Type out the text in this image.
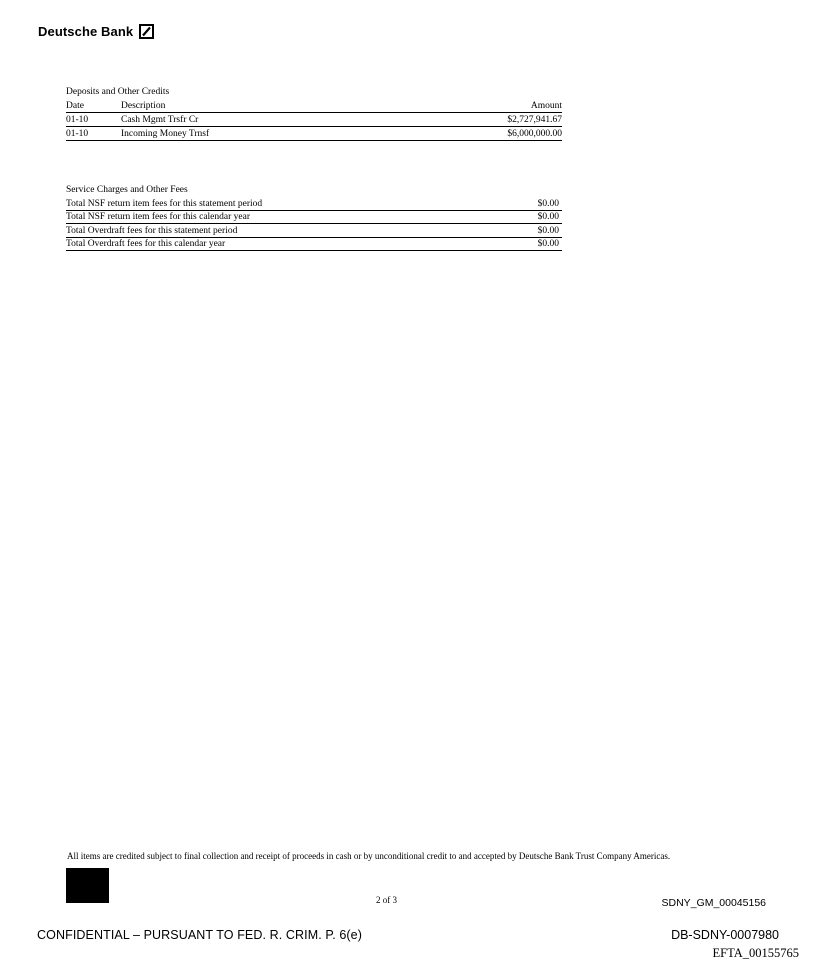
Deutsche Bank
Deposits and Other Credits
Date	Description	Amount
01-10	Cash Mgmt Trsfr Cr	$2,727,941.67
01-10	Incoming Money Trnsf	$6,000,000.00
Service Charges and Other Fees
Total NSF return item fees for this statement period	$0.00
Total NSF return item fees for this calendar year	$0.00
Total Overdraft fees for this statement period	$0.00
Total Overdraft fees for this calendar year	$0.00
All items are credited subject to final collection and receipt of proceeds in cash or by unconditional credit to and accepted by Deutsche Bank Trust Company Americas.
2 of 3	SDNY_GM_00045156
CONFIDENTIAL – PURSUANT TO FED. R. CRIM. P. 6(e)	DB-SDNY-0007980
EFTA_00155765
